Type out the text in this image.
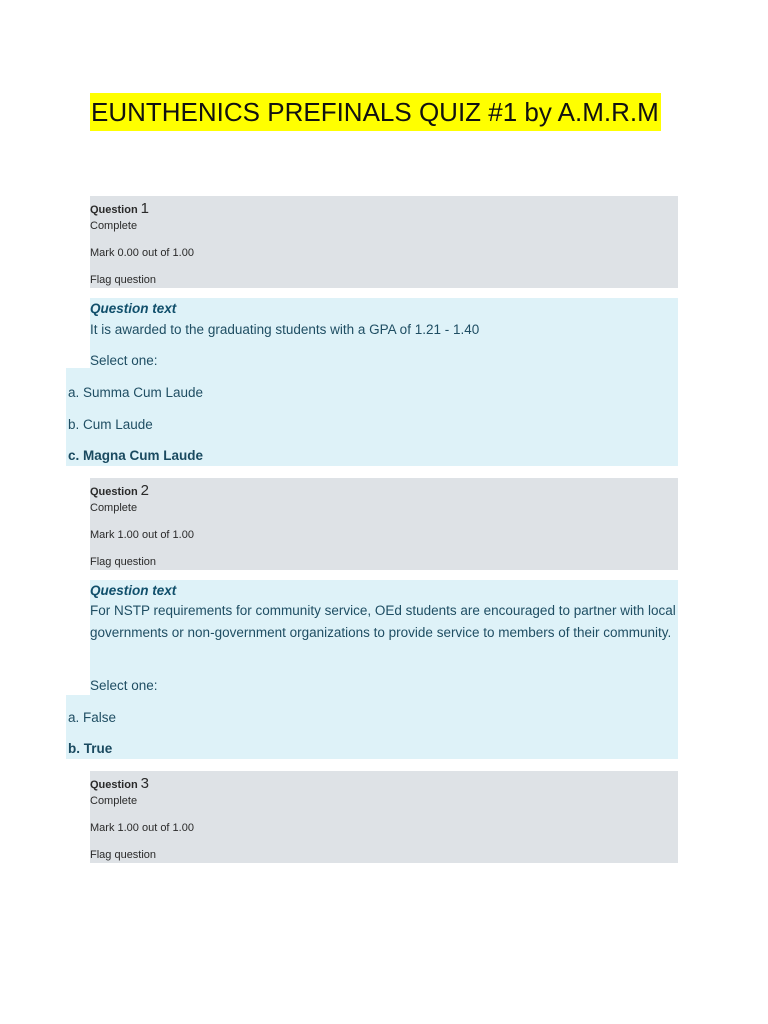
EUNTHENICS PREFINALS QUIZ #1 by A.M.R.M
Question 1
Complete
Mark 0.00 out of 1.00
Flag question
Question text
It is awarded to the graduating students with a GPA of 1.21 - 1.40
Select one:
a. Summa Cum Laude
b. Cum Laude
c. Magna Cum Laude
Question 2
Complete
Mark 1.00 out of 1.00
Flag question
Question text
For NSTP requirements for community service, OEd students are encouraged to partner with local governments or non-government organizations to provide service to members of their community.
Select one:
a. False
b. True
Question 3
Complete
Mark 1.00 out of 1.00
Flag question
